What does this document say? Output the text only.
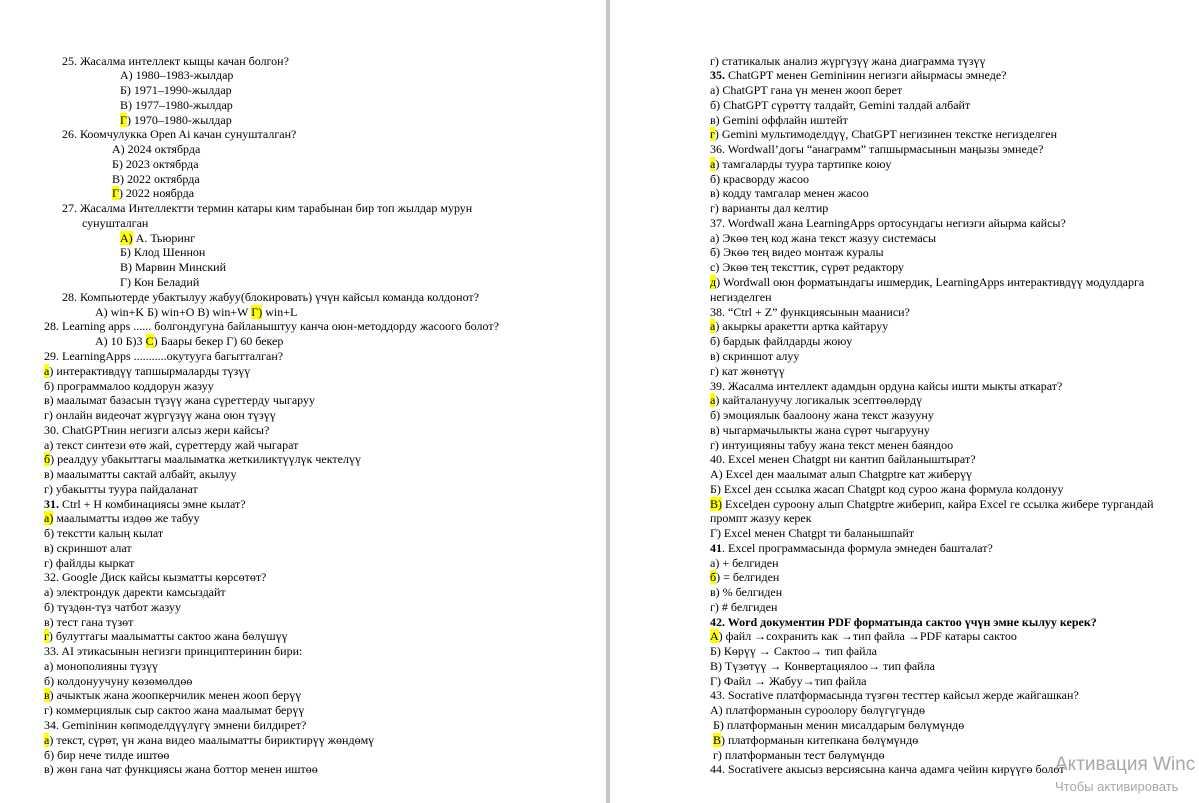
25. Жасалма интеллект кыщы качан болгон?
А) 1980–1983-жылдар
Б) 1971–1990-жылдар
В) 1977–1980-жылдар
Г) 1970–1980-жылдар
26. Коомчулукка Open Ai качан сунушталган?
А) 2024 октябрда
Б) 2023 октябрда
В) 2022 октябрда
Г) 2022 ноябрда
27. Жасалма Интеллектти термин катары ким тарабынан бир топ жылдар мурун
сунушталган
А) А. Тьюринг
Б) Клод Шеннон
В) Марвин Минский
Г) Кон Беладий
28. Компьютерде убактылуу жабуу(блокировать) үчүн кайсыл команда колдонот?
А) win+K Б) win+O В) win+W Г) win+L
28. Learning apps ...... болгондугуна байланыштуу канча оюн-методдорду жасоого болот?
А) 10 Б)3 С) Баары бекер Г) 60 бекер
29. LearningApps ...........окутууга багытталган?
а) интерактивдүү тапшырмаларды түзүү
б) программалоо коддорун жазуу
в) маалымат базасын түзүү жана сүреттерду чыгаруу
г) онлайн видеочат жүргүзүү жана оюн түзүү
30. ChatGPTнин негизги алсыз жери кайсы?
а) текст синтези өтө жай, сүреттерду жай чыгарат
б) реалдуу убакыттагы маалыматка жеткиликтүүлүк чектелүү
в) маалыматты сактай албайт, акылуу
г) убакытты туура пайдаланат
31. Ctrl + H комбинациясы эмне кылат?
а) маалыматты издөө же табуу
б) текстти калың кылат
в) скриншот алат
г) файлды кыркат
32. Google Диск кайсы кызматты көрсөтөт?
а) электрондук даректи камсыздайт
б) түздөн-түз чатбот жазуу
в) тест гана түзөт
г) булуттагы маалыматты сактоо жана бөлүшүү
33. AI этикасынын негизги принциптеринин бири:
а) монополияны түзүү
б) колдонуучуну көзөмөлдөө
в) ачыктык жана жоопкерчилик менен жооп берүү
г) коммерциялык сыр сактоо жана маалымат берүү
34. Geminiнин көпмоделдүүлүгү эмнени билдирет?
а) текст, сүрөт, үн жана видео маалыматты бириктирүү жөндөмү
б) бир нече тилде иштөө
в) жөн гана чат функциясы жана боттор менен иштөө
г) статикалык анализ жүргүзүү жана диаграмма түзүү
35. ChatGPT менен Geminiнин негизги айырмасы эмнеде?
а) ChatGPT гана үн менен жооп берет
б) ChatGPT сүрөттү талдайт, Gemini талдай албайт
в) Gemini оффлайн иштейт
г) Gemini мультимоделдүү, ChatGPT негизинен текстке негизделген
36. Wordwall’догы “анаграмм” тапшырмасынын маңызы эмнеде?
а) тамгаларды туура тартипке коюу
б) красворду жасоо
в) кодду тамгалар менен жасоо
г) варианты дал келтир
37. Wordwall жана LearningApps ортосундагы негизги айырма кайсы?
а) Экөө тең код жана текст жазуу системасы
б) Экөө тең видео монтаж куралы
с) Экөө тең тексттик, сүрөт редактору
д) Wordwall оюн форматындагы ишмердик, LearningApps интерактивдүү модулдарга
негизделген
38. “Ctrl + Z” функциясынын мааниси?
а) акыркы аракетти артка кайтаруу
б) бардык файлдарды жоюу
в) скриншот алуу
г) кат жөнөтүү
39. Жасалма интеллект адамдын ордуна кайсы ишти мыкты аткарат?
а) кайталануучу логикалык эсептөөлөрдү
б) эмоциялык баалоону жана текст жазууну
в) чыгармачылыкты жана сүрөт чыгарууну
г) интуицияны табуу жана текст менен баяндоо
40. Excel менен Chatgpt ни кантип байланыштырат?
А) Excel ден маалымат алып Chatgptre кат жиберүү
Б) Excel ден ссылка жасап Chatgpt код суроо жана формула колдонуу
В) Excelден суроону алып Chatgptre жиберип, кайра Excel ге ссылка жибере тургандай
промпт жазуу керек
Г) Excel менен Chatgpt ти баланышпайт
41. Excel программасында формула эмнеден башталат?
а) + белгиден
б) = белгиден
в) % белгиден
г) # белгиден
42. Word документин PDF форматында сактоо үчүн эмне кылуу керек?
А) файл →сохранить как →тип файла →PDF катары сактоо
Б) Көрүү → Сактоо→ тип файла
В) Түзөтүү → Конвертациялоо→ тип файла
Г) Файл → Жабуу→тип файла
43. Socrative платформасында түзгөн тесттер кайсыл жерде жайгашкан?
А) платформанын суроолору бөлүгүгүндө
Б) платформанын менин мисалдарым бөлүмүндө
В) платформанын китепкана бөлүмүндө
г) платформанын тест бөлүмүндө
44. Socrativere акысыз версиясына канча адамга чейин кирүүгө болот
Активация Winc
Чтобы активировать
